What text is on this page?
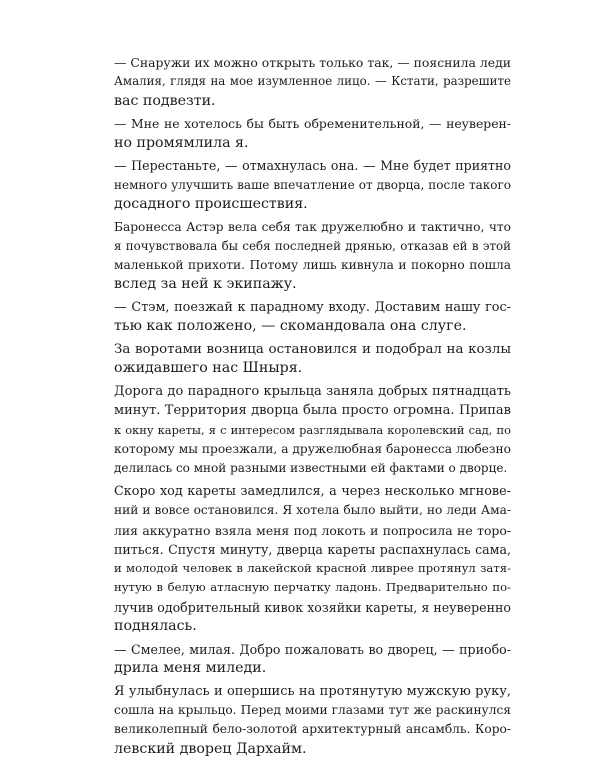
— Снаружи их можно открыть только так, — пояснила леди
Амалия, глядя на мое изумленное лицо. — Кстати, разрешите
вас подвезти.
— Мне не хотелось бы быть обременительной, — неуверен-
но промямлила я.
— Перестаньте, — отмахнулась она. — Мне будет приятно
немного улучшить ваше впечатление от дворца, после такого
досадного происшествия.
Баронесса Астэр вела себя так дружелюбно и тактично, что
я почувствовала бы себя последней дрянью, отказав ей в этой
маленькой прихоти. Потому лишь кивнула и покорно пошла
вслед за ней к экипажу.
— Стэм, поезжай к парадному входу. Доставим нашу гос-
тью как положено, — скомандовала она слуге.
За воротами возница остановился и подобрал на козлы
ожидавшего нас Шныря.
Дорога до парадного крыльца заняла добрых пятнадцать
минут. Территория дворца была просто огромна. Припав
к окну кареты, я с интересом разглядывала королевский сад, по
которому мы проезжали, а дружелюбная баронесса любезно
делилась со мной разными известными ей фактами о дворце.
Скоро ход кареты замедлился, а через несколько мгнове-
ний и вовсе остановился. Я хотела было выйти, но леди Ама-
лия аккуратно взяла меня под локоть и попросила не торо-
питься. Спустя минуту, дверца кареты распахнулась сама,
и молодой человек в лакейской красной ливрее протянул затя-
нутую в белую атласную перчатку ладонь. Предварительно по-
лучив одобрительный кивок хозяйки кареты, я неуверенно
поднялась.
— Смелее, милая. Добро пожаловать во дворец, — приобо-
дрила меня миледи.
Я улыбнулась и опершись на протянутую мужскую руку,
сошла на крыльцо. Перед моими глазами тут же раскинулся
великолепный бело-золотой архитектурный ансамбль. Коро-
левский дворец Дархайм.
